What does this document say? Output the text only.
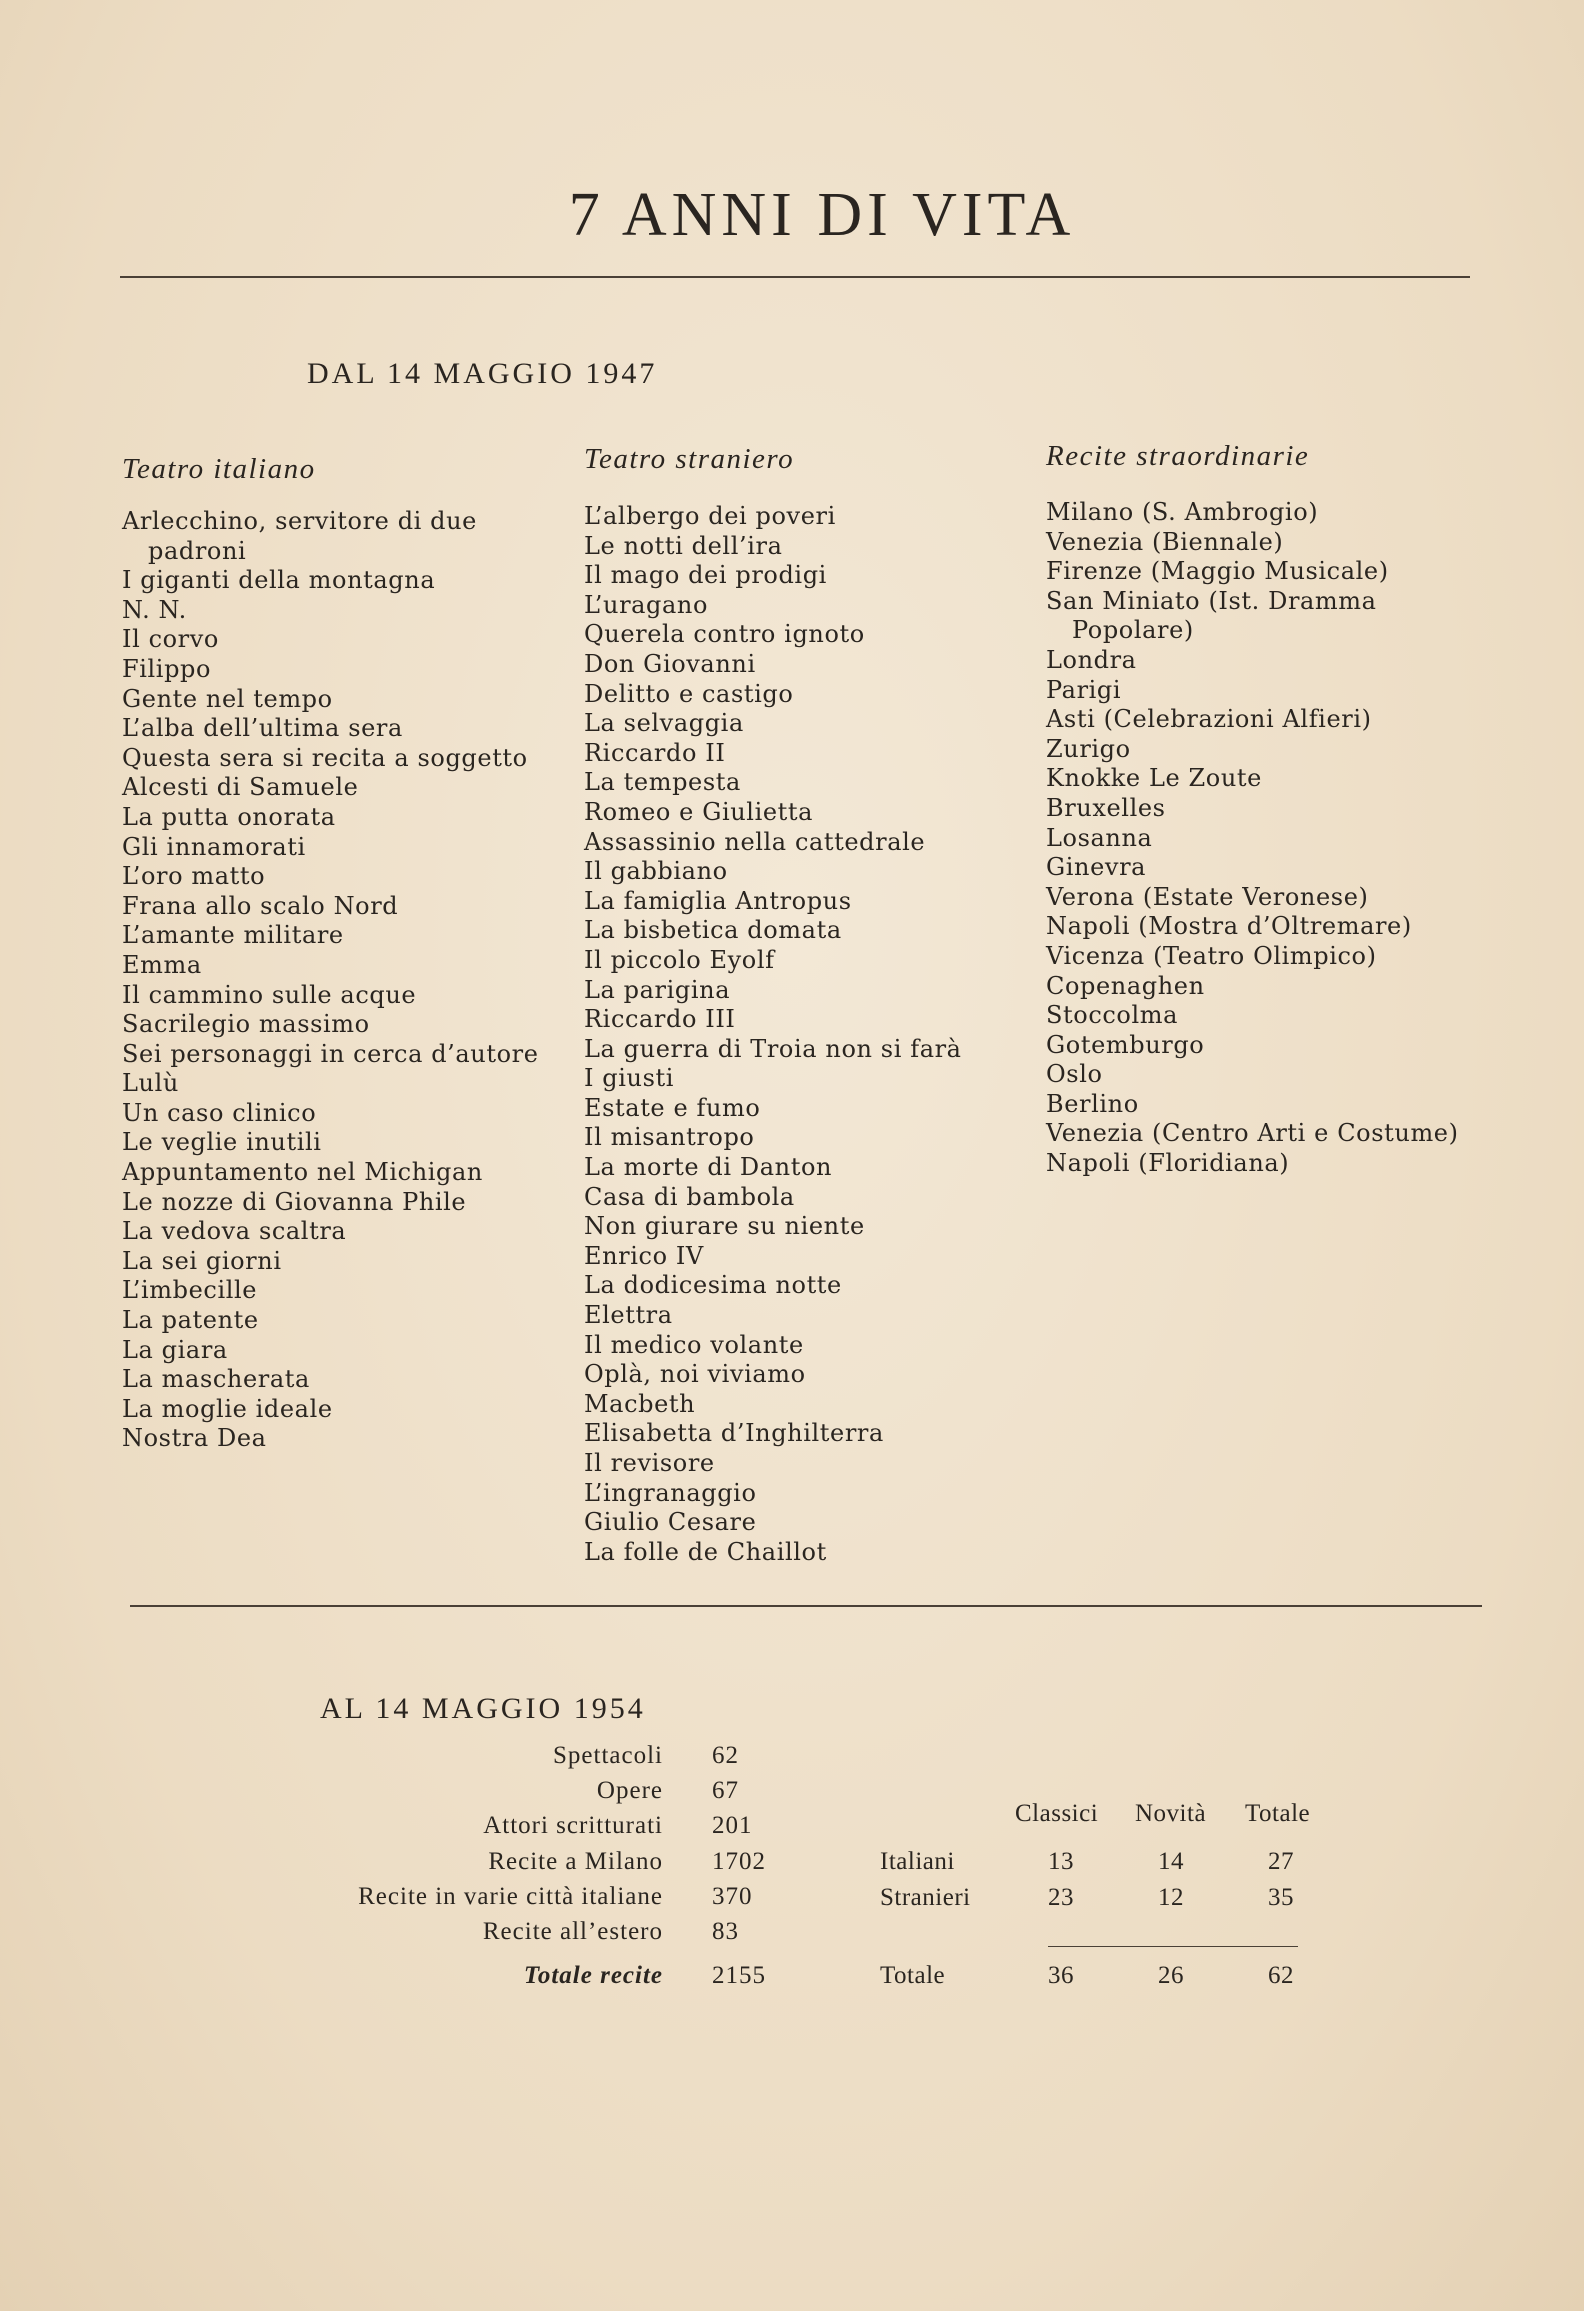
7 ANNI DI VITA
DAL 14 MAGGIO 1947
Teatro italiano
Arlecchino, servitore di due
padroni
I giganti della montagna
N. N.
Il corvo
Filippo
Gente nel tempo
L’alba dell’ultima sera
Questa sera si recita a soggetto
Alcesti di Samuele
La putta onorata
Gli innamorati
L’oro matto
Frana allo scalo Nord
L’amante militare
Emma
Il cammino sulle acque
Sacrilegio massimo
Sei personaggi in cerca d’autore
Lulù
Un caso clinico
Le veglie inutili
Appuntamento nel Michigan
Le nozze di Giovanna Phile
La vedova scaltra
La sei giorni
L’imbecille
La patente
La giara
La mascherata
La moglie ideale
Nostra Dea
Teatro straniero
L’albergo dei poveri
Le notti dell’ira
Il mago dei prodigi
L’uragano
Querela contro ignoto
Don Giovanni
Delitto e castigo
La selvaggia
Riccardo II
La tempesta
Romeo e Giulietta
Assassinio nella cattedrale
Il gabbiano
La famiglia Antropus
La bisbetica domata
Il piccolo Eyolf
La parigina
Riccardo III
La guerra di Troia non si farà
I giusti
Estate e fumo
Il misantropo
La morte di Danton
Casa di bambola
Non giurare su niente
Enrico IV
La dodicesima notte
Elettra
Il medico volante
Oplà, noi viviamo
Macbeth
Elisabetta d’Inghilterra
Il revisore
L’ingranaggio
Giulio Cesare
La folle de Chaillot
Recite straordinarie
Milano (S. Ambrogio)
Venezia (Biennale)
Firenze (Maggio Musicale)
San Miniato (Ist. Dramma
Popolare)
Londra
Parigi
Asti (Celebrazioni Alfieri)
Zurigo
Knokke Le Zoute
Bruxelles
Losanna
Ginevra
Verona (Estate Veronese)
Napoli (Mostra d’Oltremare)
Vicenza (Teatro Olimpico)
Copenaghen
Stoccolma
Gotemburgo
Oslo
Berlino
Venezia (Centro Arti e Costume)
Napoli (Floridiana)
AL 14 MAGGIO 1954
Spettacoli 62
Opere 67
Attori scritturati 201
Recite a Milano 1702
Recite in varie città italiane 370
Recite all’estero 83
Totale recite 2155
Classici Novità Totale
Italiani	13	14	27
Stranieri	23	12	35
Totale	36	26	62
